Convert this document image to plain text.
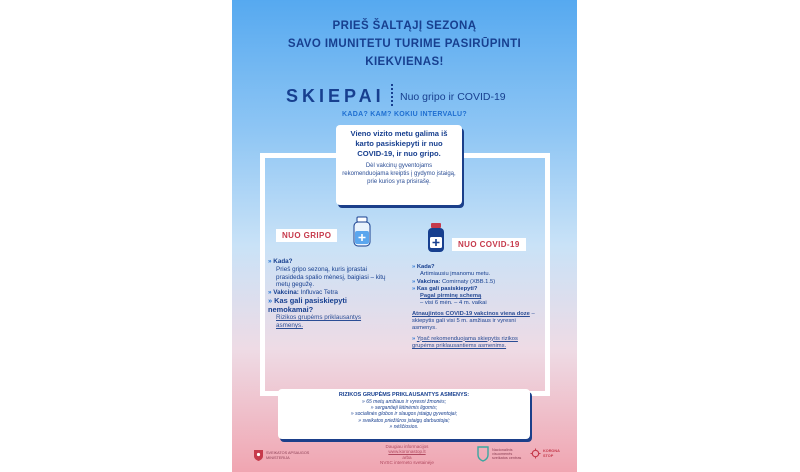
PRIEŠ ŠALTĄJĮ SEZONĄ
SAVO IMUNITETU TURIME PASIRŪPINTI
KIEKVIENAS!
SKIEPAI Nuo gripo ir COVID-19
KADA? KAM? KOKIU INTERVALU?
Vieno vizito metu galima iš karto pasiskiepyti ir nuo COVID-19, ir nuo gripo.
Dėl vakcinų gyventojams rekomenduojama kreiptis į gydymo įstaigą, prie kurios yra prisirašę.
NUO GRIPO
» Kada?
Prieš gripo sezoną, kuris įprastai prasideda spalio mėnesį, baigiasi – kitų metų gegužę.
» Vakcina: Influvac Tetra
» Kas gali pasiskiepyti nemokamai?
Rizikos grupėms priklausantys asmenys.
NUO COVID-19
» Kada?
Artimiausiu įmanomu metu.
» Vakcina: Comirnaty (XBB.1.5)
» Kas gali pasiskiepyti?
Pagal pirminę schemą
– visi 6 mėn. – 4 m. vaikai
Atnaujintos COVID-19 vakcinos viena doze – skiepytis gali visi 5 m. amžiaus ir vyresni asmenys.
» Ypač rekomenduojama skiepytis rizikos grupėms priklausantiems asmenims.
RIZIKOS GRUPĖMS PRIKLAUSANTYS ASMENYS:
» 65 metų amžiaus ir vyresni žmonės;
» sergantieji lėtinėmis ligomis;
» socialinės globos ir slaugos įstaigų gyventojai;
» sveikatos priežiūros įstaigų darbuotojai;
» nėščiosios.
SVEIKATOS APSAUGOS MINISTERIJA
Daugiau informacijos
www.koronastop.lt
arba
NVSC interneto svetainėje
Nacionalinis visuomenės sveikatos centras
KORONA STOP
